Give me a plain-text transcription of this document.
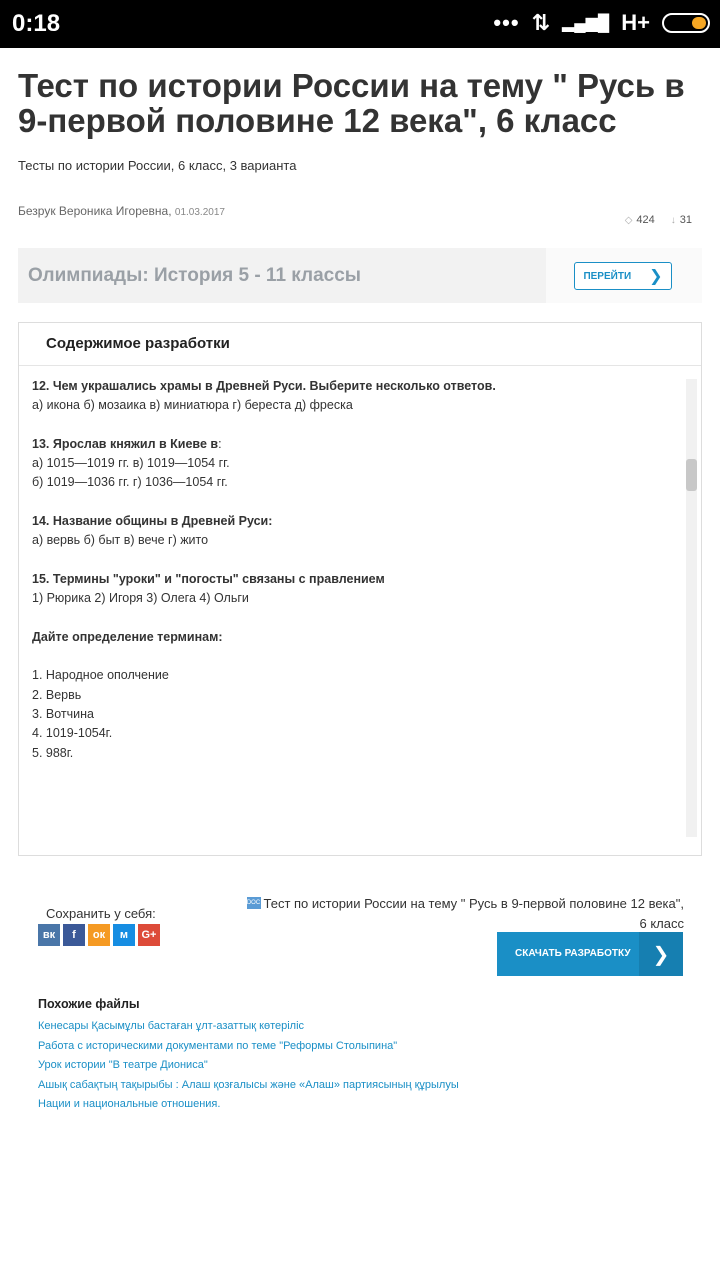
0:18	••• ⇅ ▂▄▆█ H+
Тест по истории России на тему " Русь в 9-первой половине 12 века", 6 класс
Тесты по истории России, 6 класс, 3 варианта
Безрук Вероника Игоревна, 01.03.2017
◇ 424 ↓ 31
Олимпиады: История 5 - 11 классы	ПЕРЕЙТИ ❯
Содержимое разработки

12. Чем украшались храмы в Древней Руси. Выберите несколько ответов.

а) икона б) мозаика в) миниатюра г) береста д) фреска

13. Ярослав княжил в Киеве в:

а) 1015—1019 гг. в) 1019—1054 гг.

б) 1019—1036 гг. г) 1036—1054 гг.

14. Название общины в Древней Руси:

а) вервь б) быт в) вече г) жито

15. Термины "уроки" и "погосты" связаны с правлением

1) Рюрика 2) Игоря 3) Олега 4) Ольги

Дайте определение терминам:

1. Народное ополчение

2. Вервь

3. Вотчина

4. 1019-1054г.

5. 988г.

Сохранить у себя:
вк f ок м G+
DOC Тест по истории России на тему " Русь в 9-первой половине 12 века", 6 класс
СКАЧАТЬ РАЗРАБОТКУ	❯
Похожие файлы
Кенесары Қасымұлы бастаған ұлт-азаттық көтеріліс
Работа с историческими документами по теме "Реформы Столыпина"
Урок истории "В театре Диониса"
Ашық сабақтың тақырыбы : Алаш қозғалысы және «Алаш» партиясының құрылуы
Нации и национальные отношения.
